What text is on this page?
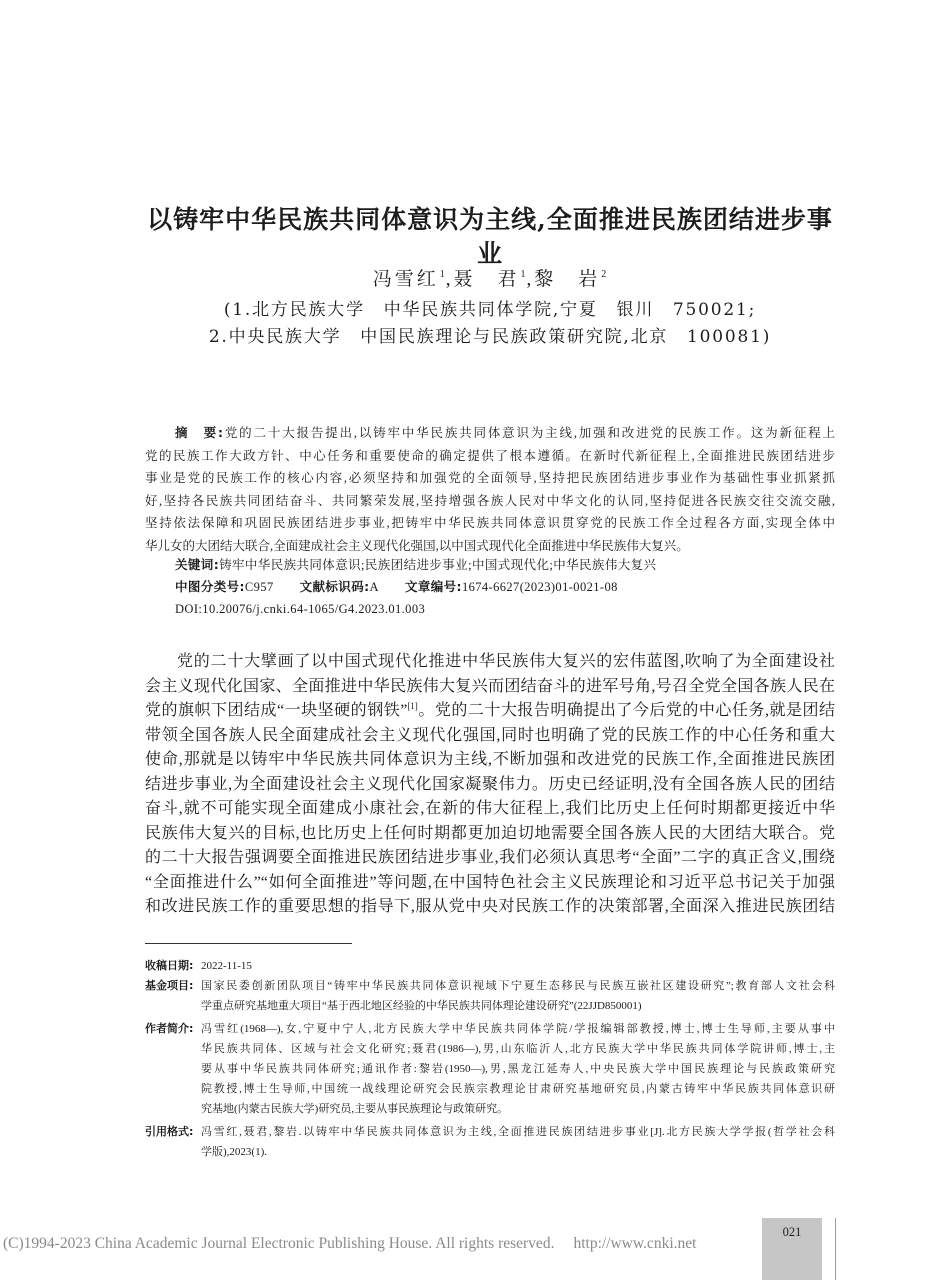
以铸牢中华民族共同体意识为主线,全面推进民族团结进步事业
冯雪红$^1$,聂　君$^1$,黎　岩$^2$
(1.北方民族大学　中华民族共同体学院,宁夏　银川　750021;
2.中央民族大学　中国民族理论与民族政策研究院,北京　100081)
摘　要:党的二十大报告提出,以铸牢中华民族共同体意识为主线,加强和改进党的民族工作。这为新征程上
党的民族工作大政方针、中心任务和重要使命的确定提供了根本遵循。在新时代新征程上,全面推进民族团结进步
事业是党的民族工作的核心内容,必须坚持和加强党的全面领导,坚持把民族团结进步事业作为基础性事业抓紧抓
好,坚持各民族共同团结奋斗、共同繁荣发展,坚持增强各族人民对中华文化的认同,坚持促进各民族交往交流交融,
坚持依法保障和巩固民族团结进步事业,把铸牢中华民族共同体意识贯穿党的民族工作全过程各方面,实现全体中
华儿女的大团结大联合,全面建成社会主义现代化强国,以中国式现代化全面推进中华民族伟大复兴。
关键词:铸牢中华民族共同体意识;民族团结进步事业;中国式现代化;中华民族伟大复兴
中图分类号:C957 文献标识码:A 文章编号:1674-6627(2023)01-0021-08
DOI:10.20076/j.cnki.64-1065/G4.2023.01.003
党的二十大擘画了以中国式现代化推进中华民族伟大复兴的宏伟蓝图,吹响了为全面建设社
会主义现代化国家、全面推进中华民族伟大复兴而团结奋斗的进军号角,号召全党全国各族人民在
党的旗帜下团结成“一块坚硬的钢铁”[1]。党的二十大报告明确提出了今后党的中心任务,就是团结
带领全国各族人民全面建成社会主义现代化强国,同时也明确了党的民族工作的中心任务和重大
使命,那就是以铸牢中华民族共同体意识为主线,不断加强和改进党的民族工作,全面推进民族团
结进步事业,为全面建设社会主义现代化国家凝聚伟力。历史已经证明,没有全国各族人民的团结
奋斗,就不可能实现全面建成小康社会,在新的伟大征程上,我们比历史上任何时期都更接近中华
民族伟大复兴的目标,也比历史上任何时期都更加迫切地需要全国各族人民的大团结大联合。党
的二十大报告强调要全面推进民族团结进步事业,我们必须认真思考“全面”二字的真正含义,围绕
“全面推进什么”“如何全面推进”等问题,在中国特色社会主义民族理论和习近平总书记关于加强
和改进民族工作的重要思想的指导下,服从党中央对民族工作的决策部署,全面深入推进民族团结
收稿日期: 2022-11-15
基金项目: 国家民委创新团队项目“铸牢中华民族共同体意识视域下宁夏生态移民与民族互嵌社区建设研究”;教育部人文社会科
学重点研究基地重大项目“基于西北地区经验的中华民族共同体理论建设研究”(22JJD850001)
作者简介: 冯雪红(1968—),女,宁夏中宁人,北方民族大学中华民族共同体学院/学报编辑部教授,博士,博士生导师,主要从事中
华民族共同体、区域与社会文化研究;聂君(1986—),男,山东临沂人,北方民族大学中华民族共同体学院讲师,博士,主
要从事中华民族共同体研究;通讯作者:黎岩(1950—),男,黑龙江延寿人,中央民族大学中国民族理论与民族政策研究
院教授,博士生导师,中国统一战线理论研究会民族宗教理论甘肃研究基地研究员,内蒙古铸牢中华民族共同体意识研
究基地(内蒙古民族大学)研究员,主要从事民族理论与政策研究。
引用格式: 冯雪红,聂君,黎岩.以铸牢中华民族共同体意识为主线,全面推进民族团结进步事业[J].北方民族大学学报(哲学社会科
学版),2023(1).
021
(C)1994-2023 China Academic Journal Electronic Publishing House. All rights reserved. http://www.cnki.net
